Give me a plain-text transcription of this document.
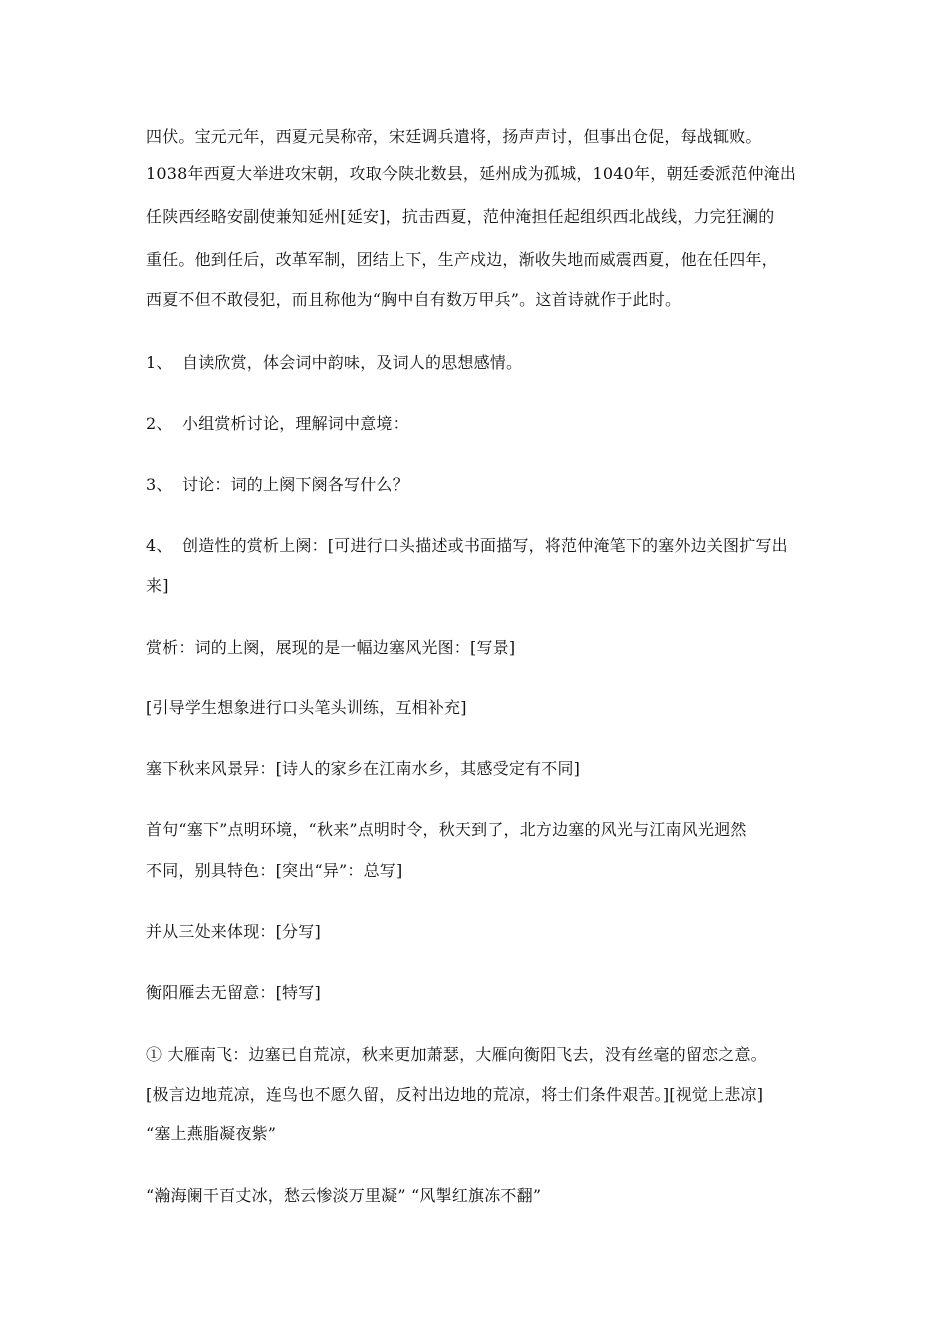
四伏。宝元元年，西夏元昊称帝，宋廷调兵遣将，扬声声讨，但事出仓促，每战辄败。
1038年西夏大举进攻宋朝，攻取今陕北数县，延州成为孤城，1040年，朝廷委派范仲淹出
任陕西经略安副使兼知延州[延安]，抗击西夏，范仲淹担任起组织西北战线，力完狂澜的
重任。他到任后，改革军制，团结上下，生产戍边，渐收失地而威震西夏，他在任四年，
西夏不但不敢侵犯，而且称他为“胸中自有数万甲兵”。这首诗就作于此时。
1、 自读欣赏，体会词中韵味，及词人的思想感情。
2、 小组赏析讨论，理解词中意境：
3、 讨论：词的上阕下阕各写什么？
4、 创造性的赏析上阕：[可进行口头描述或书面描写，将范仲淹笔下的塞外边关图扩写出
来]
赏析：词的上阕，展现的是一幅边塞风光图：[写景]
[引导学生想象进行口头笔头训练，互相补充]
塞下秋来风景异：[诗人的家乡在江南水乡，其感受定有不同]
首句“塞下”点明环境，“秋来”点明时令，秋天到了，北方边塞的风光与江南风光迥然
不同，别具特色：[突出“异”：总写]
并从三处来体现：[分写]
衡阳雁去无留意：[特写]
① 大雁南飞：边塞已自荒凉，秋来更加萧瑟，大雁向衡阳飞去，没有丝毫的留恋之意。
[极言边地荒凉，连鸟也不愿久留，反衬出边地的荒凉，将士们条件艰苦。][视觉上悲凉]
“塞上燕脂凝夜紫”
“瀚海阑干百丈冰，愁云惨淡万里凝” “风掣红旗冻不翻”
